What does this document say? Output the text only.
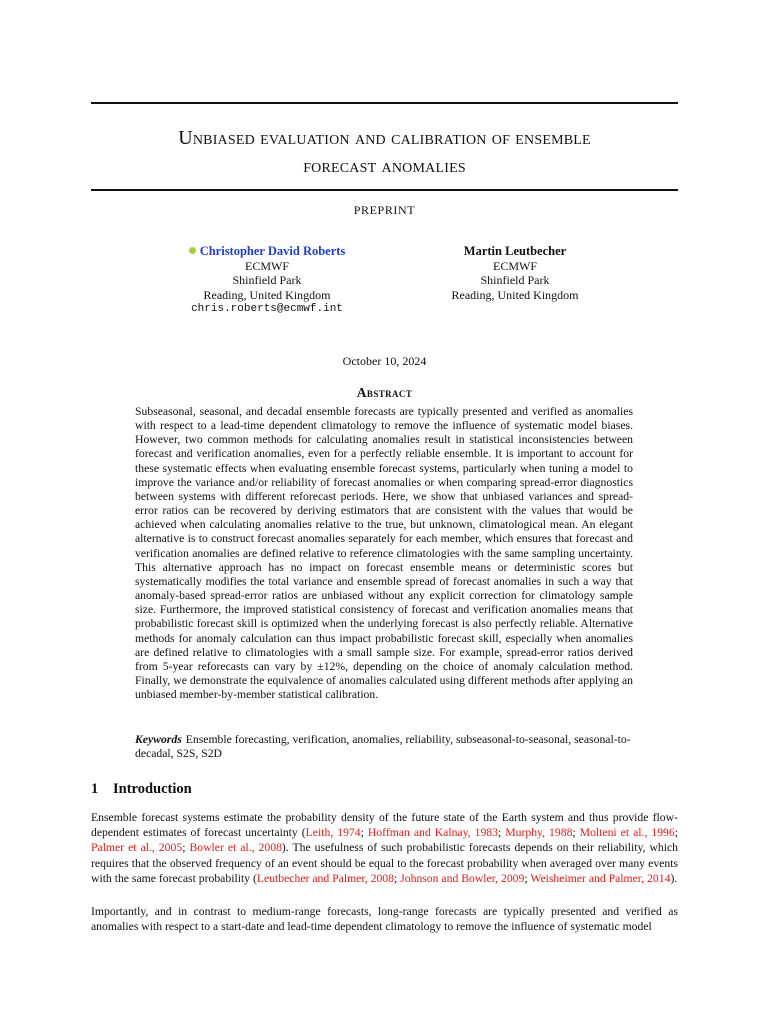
Unbiased evaluation and calibration of ensemble
forecast anomalies
PREPRINT
Christopher David Roberts
ECMWF
Shinfield Park
Reading, United Kingdom
chris.roberts@ecmwf.int
Martin Leutbecher
ECMWF
Shinfield Park
Reading, United Kingdom
October 10, 2024
Abstract

Subseasonal, seasonal, and decadal ensemble forecasts are typically presented and verified as anomalies with respect to a lead-time dependent climatology to remove the influence of systematic model biases. However, two common methods for calculating anomalies result in statistical inconsistencies between forecast and verification anomalies, even for a perfectly reliable ensemble. It is important to account for these systematic effects when evaluating ensemble forecast systems, particularly when tuning a model to improve the variance and/or reliability of forecast anomalies or when comparing spread-error diagnostics between systems with different reforecast periods. Here, we show that unbiased variances and spread-error ratios can be recovered by deriving estimators that are consistent with the values that would be achieved when calculating anomalies relative to the true, but unknown, climatological mean. An elegant alternative is to construct forecast anomalies separately for each member, which ensures that forecast and verification anomalies are defined relative to reference climatologies with the same sampling uncertainty. This alternative approach has no impact on forecast ensemble means or deterministic scores but systematically modifies the total variance and ensemble spread of forecast anomalies in such a way that anomaly-based spread-error ratios are unbiased without any explicit correction for climatology sample size. Furthermore, the improved statistical consistency of forecast and verification anomalies means that probabilistic forecast skill is optimized when the underlying forecast is also perfectly reliable. Alternative methods for anomaly calculation can thus impact probabilistic forecast skill, especially when anomalies are defined relative to climatologies with a small sample size. For example, spread-error ratios derived from 5-year reforecasts can vary by ±12%, depending on the choice of anomaly calculation method. Finally, we demonstrate the equivalence of anomalies calculated using different methods after applying an unbiased member-by-member statistical calibration.

Keywords Ensemble forecasting, verification, anomalies, reliability, subseasonal-to-seasonal, seasonal-to-decadal, S2S, S2D

1 Introduction

Ensemble forecast systems estimate the probability density of the future state of the Earth system and thus provide flow-dependent estimates of forecast uncertainty (Leith, 1974; Hoffman and Kalnay, 1983; Murphy, 1988; Molteni et al., 1996; Palmer et al., 2005; Bowler et al., 2008). The usefulness of such probabilistic forecasts depends on their reliability, which requires that the observed frequency of an event should be equal to the forecast probability when averaged over many events with the same forecast probability (Leutbecher and Palmer, 2008; Johnson and Bowler, 2009; Weisheimer and Palmer, 2014).

Importantly, and in contrast to medium-range forecasts, long-range forecasts are typically presented and verified as anomalies with respect to a start-date and lead-time dependent climatology to remove the influence of systematic model
